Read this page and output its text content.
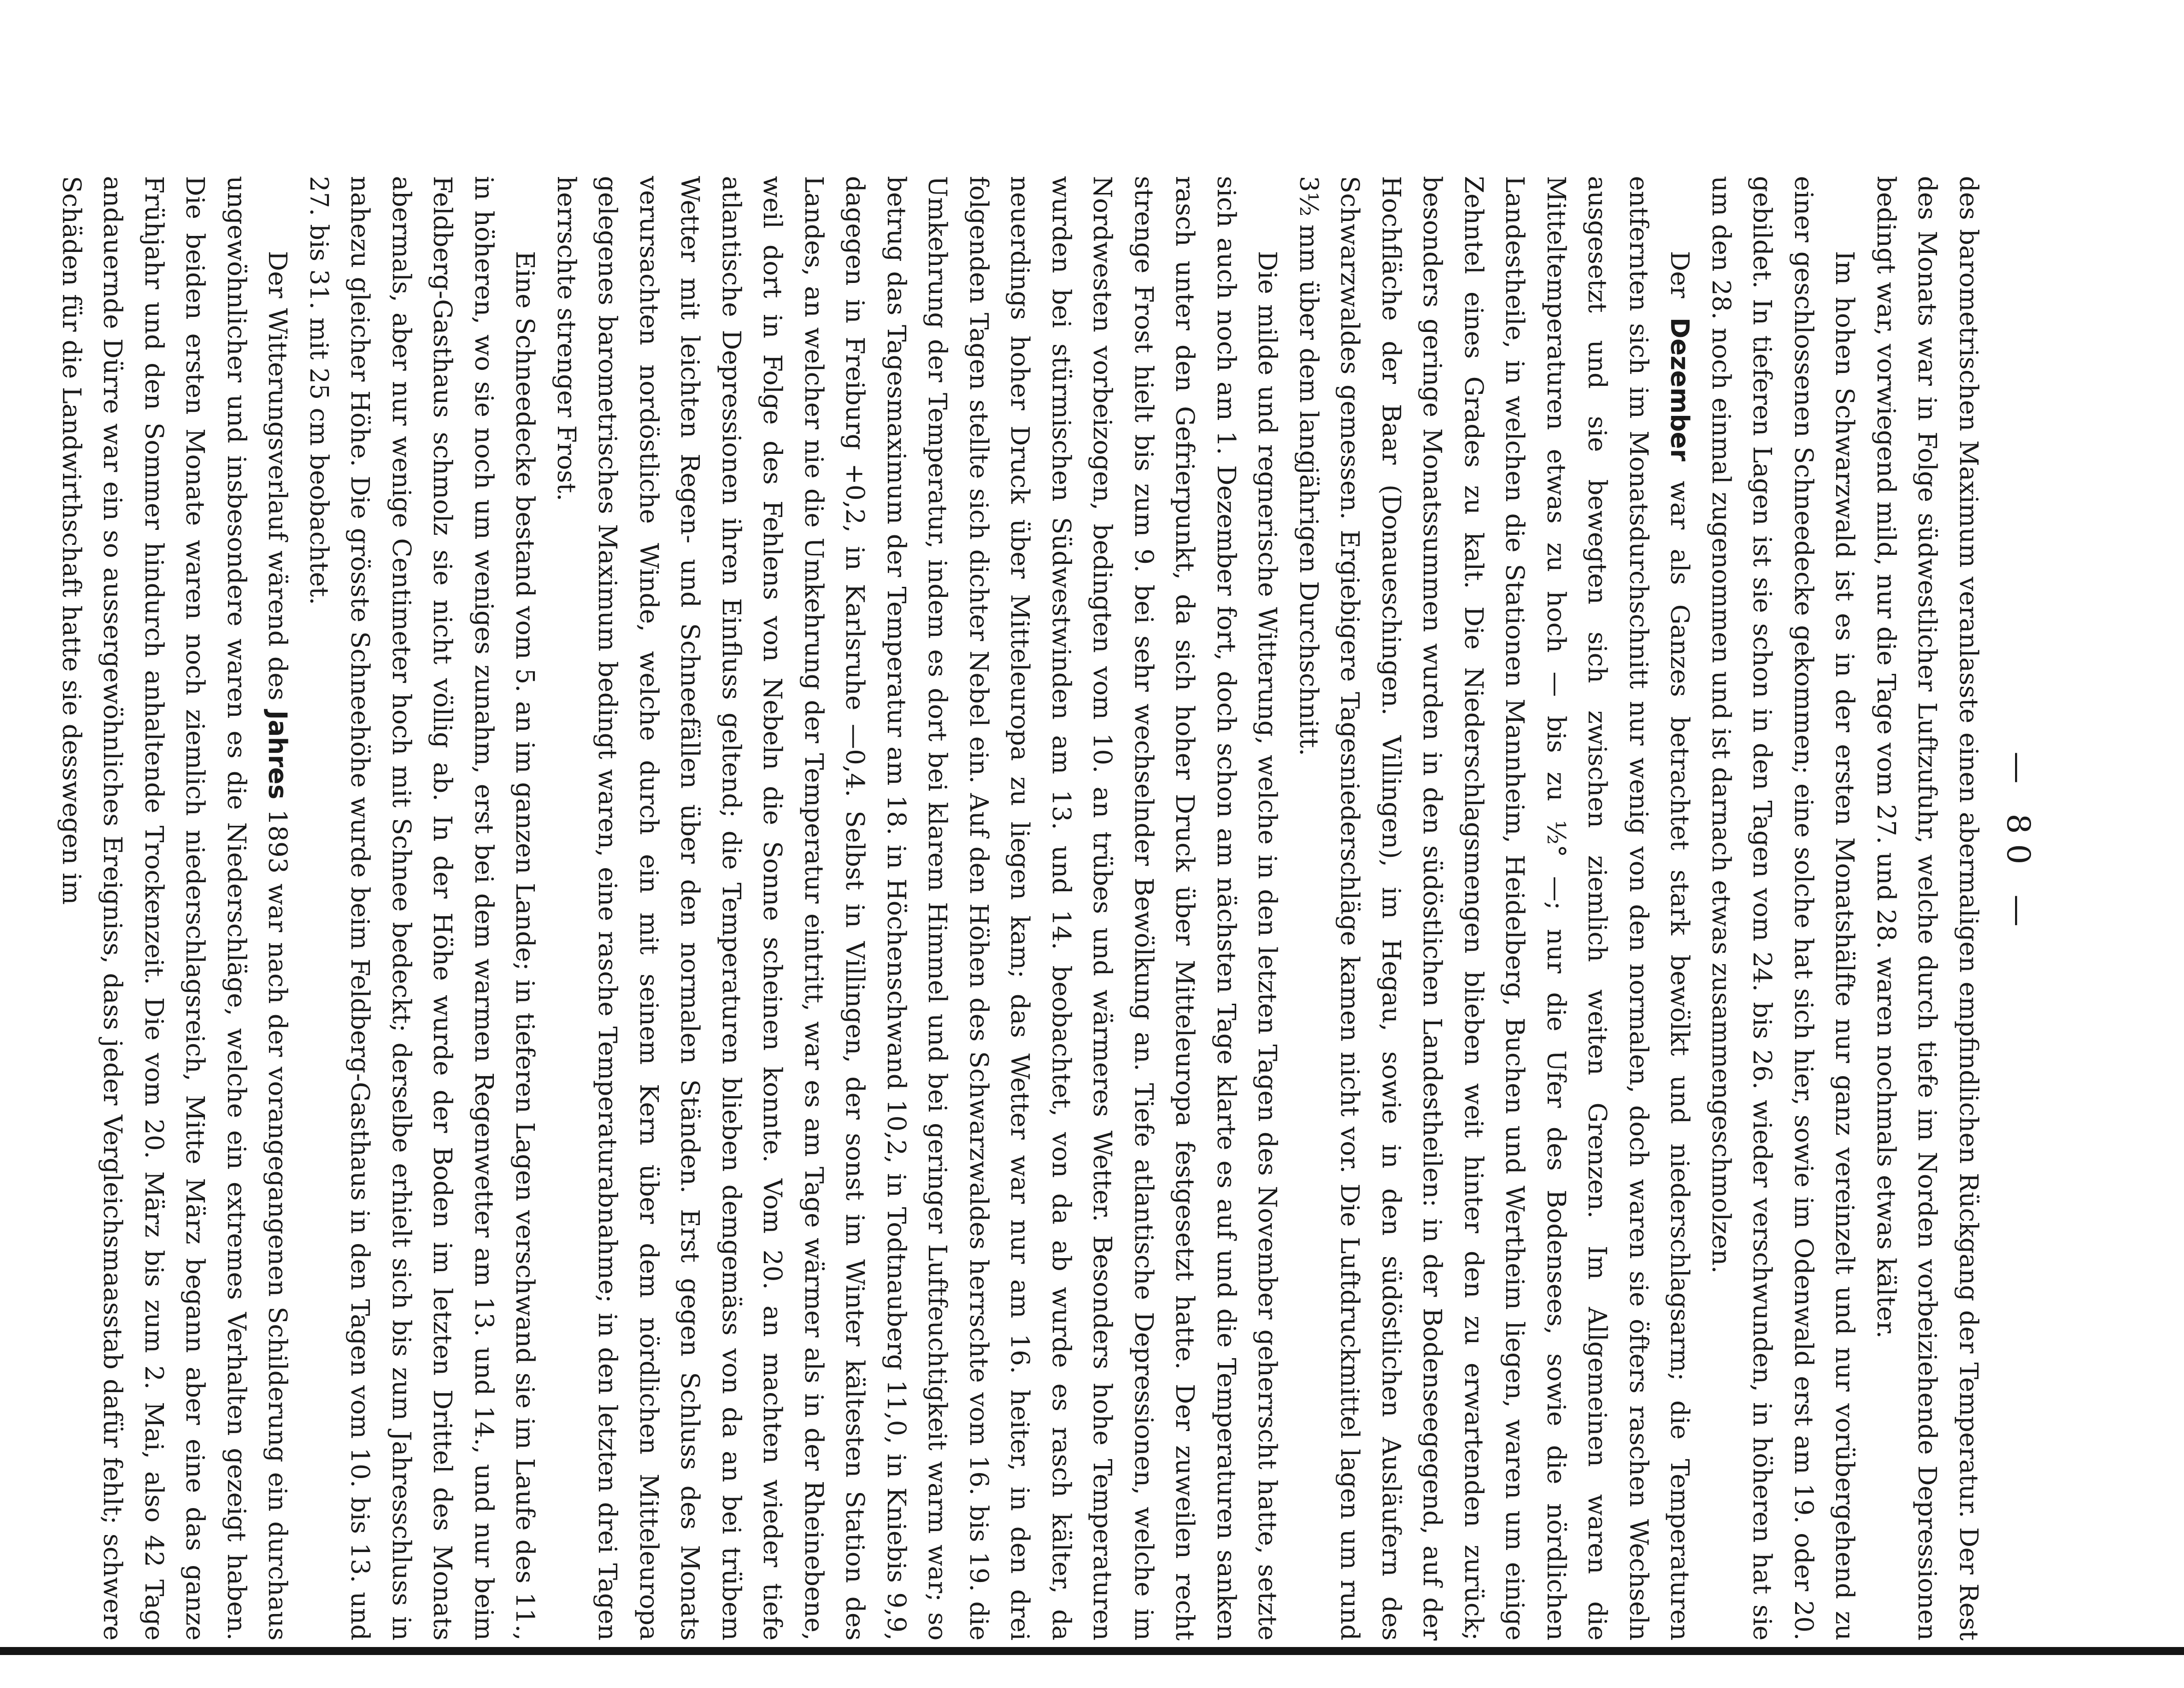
— 80 —

des barometrischen Maximum veranlasste einen abermaligen empfindlichen Rückgang der Temperatur. Der Rest des Monats war in Folge südwestlicher Luftzufuhr, welche durch tiefe im Norden vorbeiziehende Depressionen bedingt war, vorwiegend mild, nur die Tage vom 27. und 28. waren nochmals etwas kälter.

Im hohen Schwarzwald ist es in der ersten Monatshälfte nur ganz vereinzelt und nur vorübergehend zu einer geschlossenen Schneedecke gekommen; eine solche hat sich hier, sowie im Odenwald erst am 19. oder 20. gebildet. In tieferen Lagen ist sie schon in den Tagen vom 24. bis 26. wieder verschwunden, in höheren hat sie um den 28. noch einmal zugenommen und ist darnach etwas zusammengeschmolzen.

Der Dezember war als Ganzes betrachtet stark bewölkt und niederschlagsarm; die Temperaturen entfernten sich im Monatsdurchschnitt nur wenig von den normalen, doch waren sie öfters raschen Wechseln ausgesetzt und sie bewegten sich zwischen ziemlich weiten Grenzen. Im Allgemeinen waren die Mitteltemperaturen etwas zu hoch — bis zu ½° —; nur die Ufer des Bodensees, sowie die nördlichen Landestheile, in welchen die Stationen Mannheim, Heidelberg, Buchen und Wertheim liegen, waren um einige Zehntel eines Grades zu kalt. Die Niederschlagsmengen blieben weit hinter den zu erwartenden zurück; besonders geringe Monatssummen wurden in den südöstlichen Landestheilen: in der Bodenseegegend, auf der Hochfläche der Baar (Donaueschingen. Villingen), im Hegau, sowie in den südöstlichen Ausläufern des Schwarzwaldes gemessen. Ergiebigere Tagesniederschläge kamen nicht vor. Die Luftdruckmittel lagen um rund 3½ mm über dem langjährigen Durchschnitt.

Die milde und regnerische Witterung, welche in den letzten Tagen des November geherrscht hatte, setzte sich auch noch am 1. Dezember fort, doch schon am nächsten Tage klarte es auf und die Temperaturen sanken rasch unter den Gefrierpunkt, da sich hoher Druck über Mitteleuropa festgesetzt hatte. Der zuweilen recht strenge Frost hielt bis zum 9. bei sehr wechselnder Bewölkung an. Tiefe atlantische Depressionen, welche im Nordwesten vorbeizogen, bedingten vom 10. an trübes und wärmeres Wetter. Besonders hohe Temperaturen wurden bei stürmischen Südwestwinden am 13. und 14. beobachtet, von da ab wurde es rasch kälter, da neuerdings hoher Druck über Mitteleuropa zu liegen kam; das Wetter war nur am 16. heiter, in den drei folgenden Tagen stellte sich dichter Nebel ein. Auf den Höhen des Schwarzwaldes herrschte vom 16. bis 19. die Umkehrung der Temperatur, indem es dort bei klarem Himmel und bei geringer Luftfeuchtigkeit warm war; so betrug das Tagesmaximum der Temperatur am 18. in Höchenschwand 10,2, in Todtnauberg 11,0, in Kniebis 9,9, dagegen in Freiburg +0,2, in Karlsruhe —0,4. Selbst in Villingen, der sonst im Winter kältesten Station des Landes, an welcher nie die Umkehrung der Temperatur eintritt, war es am Tage wärmer als in der Rheinebene, weil dort in Folge des Fehlens von Nebeln die Sonne scheinen konnte. Vom 20. an machten wieder tiefe atlantische Depressionen ihren Einfluss geltend; die Temperaturen blieben demgemäss von da an bei trübem Wetter mit leichten Regen- und Schneefällen über den normalen Ständen. Erst gegen Schluss des Monats verursachten nordöstliche Winde, welche durch ein mit seinem Kern über dem nördlichen Mitteleuropa gelegenes barometrisches Maximum bedingt waren, eine rasche Temperaturabnahme; in den letzten drei Tagen herrschte strenger Frost.

Eine Schneedecke bestand vom 5. an im ganzen Lande; in tieferen Lagen verschwand sie im Laufe des 11., in höheren, wo sie noch um weniges zunahm, erst bei dem warmen Regenwetter am 13. und 14., und nur beim Feldberg-Gasthaus schmolz sie nicht völlig ab. In der Höhe wurde der Boden im letzten Drittel des Monats abermals, aber nur wenige Centimeter hoch mit Schnee bedeckt; derselbe erhielt sich bis zum Jahresschluss in nahezu gleicher Höhe. Die grösste Schneehöhe wurde beim Feldberg-Gasthaus in den Tagen vom 10. bis 13. und 27. bis 31. mit 25 cm beobachtet.

Der Witterungsverlauf wärend des Jahres 1893 war nach der vorangegangenen Schilderung ein durchaus ungewöhnlicher und insbesondere waren es die Niederschläge, welche ein extremes Verhalten gezeigt haben. Die beiden ersten Monate waren noch ziemlich niederschlagsreich, Mitte März begann aber eine das ganze Frühjahr und den Sommer hindurch anhaltende Trockenzeit. Die vom 20. März bis zum 2. Mai, also 42 Tage andauernde Dürre war ein so aussergewöhnliches Ereigniss, dass jeder Vergleichsmaasstab dafür fehlt; schwere Schäden für die Landwirthschaft hatte sie desswegen im
